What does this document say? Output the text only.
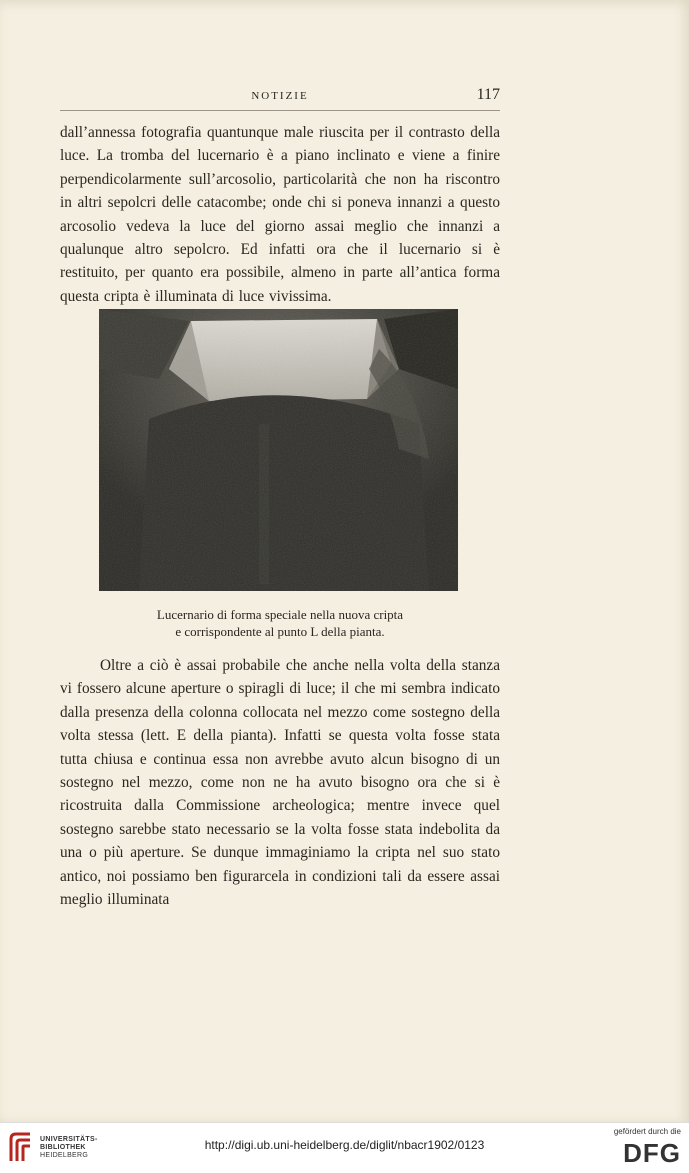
NOTIZIE	117

dall’annessa fotografia quantunque male riuscita per il contrasto della luce. La tromba del lucernario è a piano inclinato e viene a finire perpendicolarmente sull’arcosolio, particolarità che non ha riscontro in altri sepolcri delle catacombe; onde chi si poneva innanzi a questo arcosolio vedeva la luce del giorno assai meglio che innanzi a qualunque altro sepolcro. Ed infatti ora che il lucernario si è restituito, per quanto era possibile, almeno in parte all’antica forma questa cripta è illuminata di luce vivissima.

Lucernario di forma speciale nella nuova cripta
e corrispondente al punto L della pianta.

Oltre a ciò è assai probabile che anche nella volta della stanza vi fossero alcune aperture o spiragli di luce; il che mi sembra indicato dalla presenza della colonna collocata nel mezzo come sostegno della volta stessa (lett. E della pianta). Infatti se questa volta fosse stata tutta chiusa e continua essa non avrebbe avuto alcun bisogno di un sostegno nel mezzo, come non ne ha avuto bisogno ora che si è ricostruita dalla Commissione archeologica; mentre invece quel sostegno sarebbe stato necessario se la volta fosse stata indebolita da una o più aperture. Se dunque immaginiamo la cripta nel suo stato antico, noi possiamo ben figurarcela in condizioni tali da essere assai meglio illuminata

UNIVERSITÄTS-
BIBLIOTHEK
HEIDELBERG
http://digi.ub.uni-heidelberg.de/diglit/nbacr1902/0123
gefördert durch die
DFG
